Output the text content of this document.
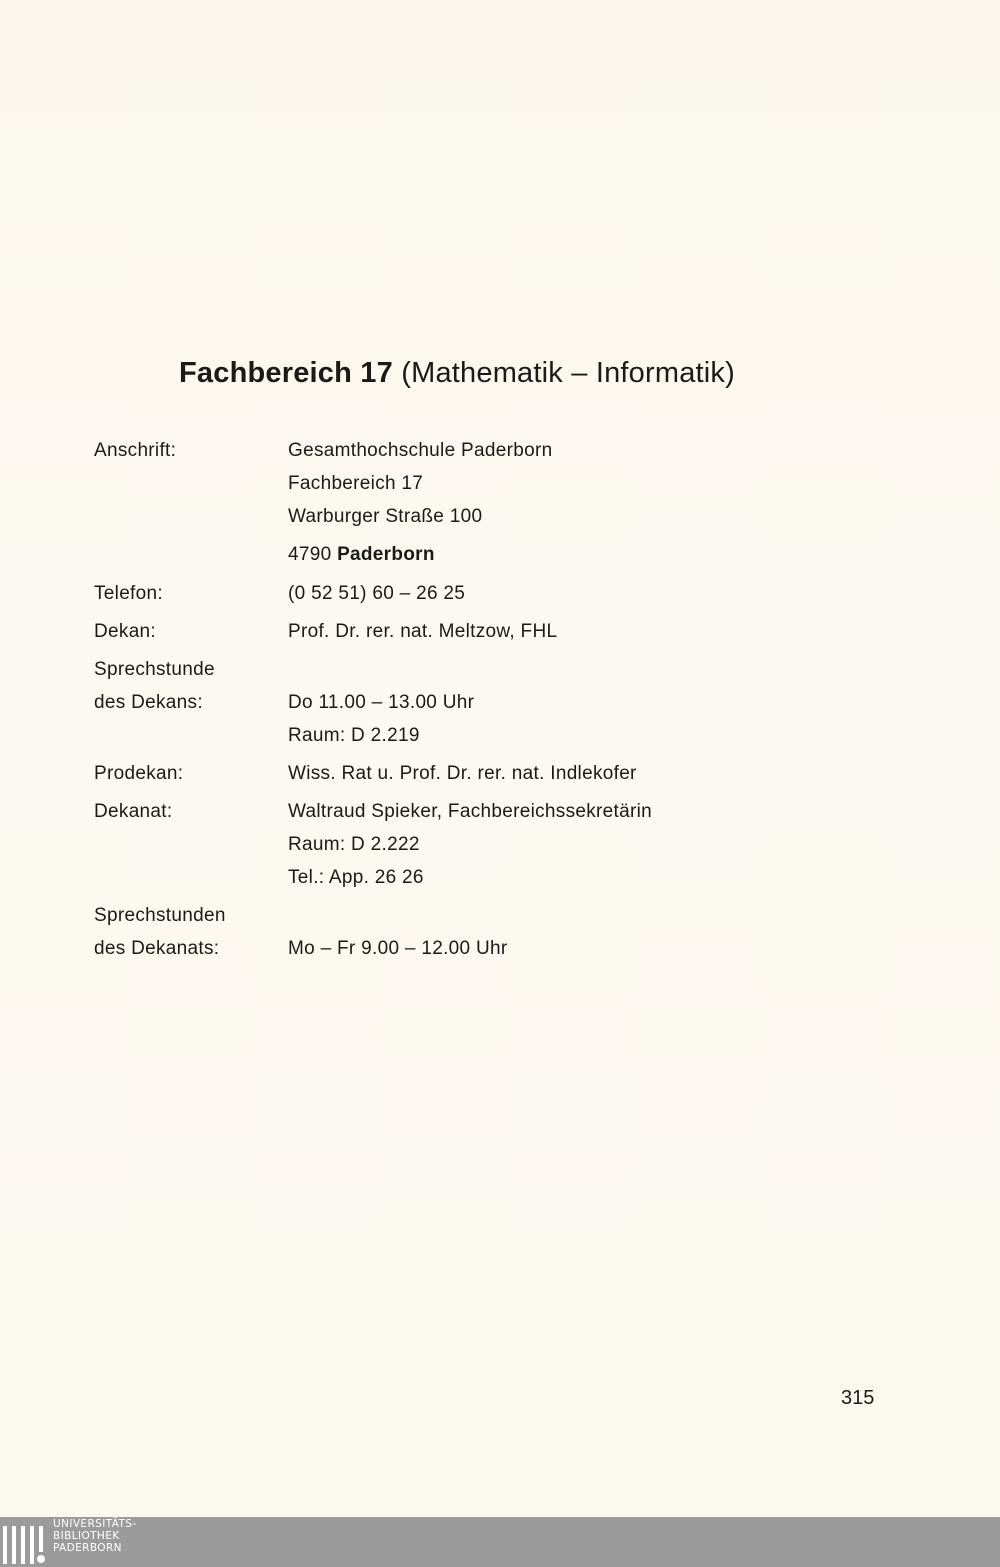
Fachbereich 17 (Mathematik – Informatik)
Anschrift:	Gesamthochschule Paderborn
Fachbereich 17
Warburger Straße 100
4790 Paderborn
Telefon:	(0 52 51) 60 – 26 25
Dekan:	Prof. Dr. rer. nat. Meltzow, FHL
Sprechstunde
des Dekans:	Do 11.00 – 13.00 Uhr
Raum: D 2.219
Prodekan:	Wiss. Rat u. Prof. Dr. rer. nat. Indlekofer
Dekanat:	Waltraud Spieker, Fachbereichssekretärin
Raum: D 2.222
Tel.: App. 26 26
Sprechstunden
des Dekanats:	Mo – Fr 9.00 – 12.00 Uhr
315
UNIVERSITÄTS-
BIBLIOTHEK
PADERBORN
